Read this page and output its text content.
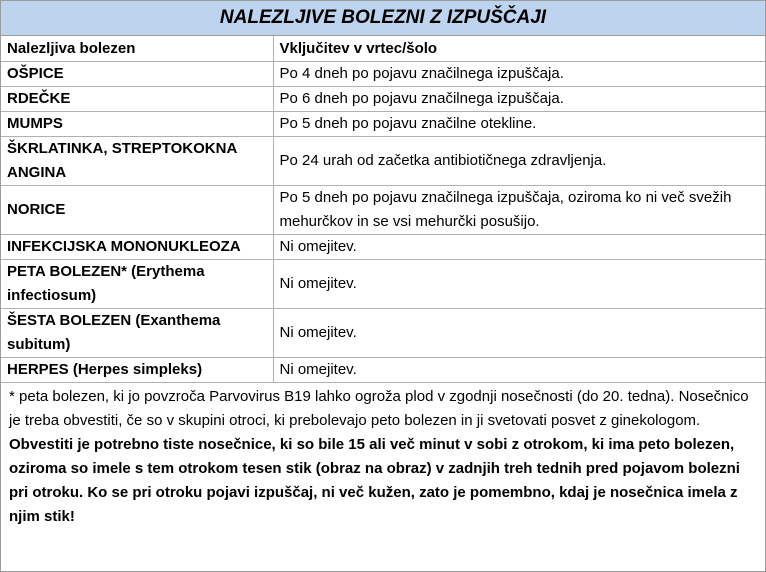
NALEZLJIVE BOLEZNI Z IZPUŠČAJI
Nalezljiva bolezen	Vključitev v vrtec/šolo
OŠPICE	Po 4 dneh po pojavu značilnega izpuščaja.
RDEČKE	Po 6 dneh po pojavu značilnega izpuščaja.
MUMPS	Po 5 dneh po pojavu značilne otekline.
ŠKRLATINKA, STREPTOKOKNA ANGINA	Po 24 urah od začetka antibiotičnega zdravljenja.
NORICE	Po 5 dneh po pojavu značilnega izpuščaja, oziroma ko ni več svežih mehurčkov in se vsi mehurčki posušijo.
INFEKCIJSKA MONONUKLEOZA	Ni omejitev.
PETA BOLEZEN* (Erythema infectiosum)	Ni omejitev.
ŠESTA BOLEZEN (Exanthema subitum)	Ni omejitev.
HERPES (Herpes simpleks)	Ni omejitev.
* peta bolezen, ki jo povzroča Parvovirus B19 lahko ogroža plod v zgodnji nosečnosti (do 20. tedna). Nosečnico je treba obvestiti, če so v skupini otroci, ki prebolevajo peto bolezen in ji svetovati posvet z ginekologom.
Obvestiti je potrebno tiste nosečnice, ki so bile 15 ali več minut v sobi z otrokom, ki ima peto bolezen, oziroma so imele s tem otrokom tesen stik (obraz na obraz) v zadnjih treh tednih pred pojavom bolezni pri otroku. Ko se pri otroku pojavi izpuščaj, ni več kužen, zato je pomembno, kdaj je nosečnica imela z njim stik!
